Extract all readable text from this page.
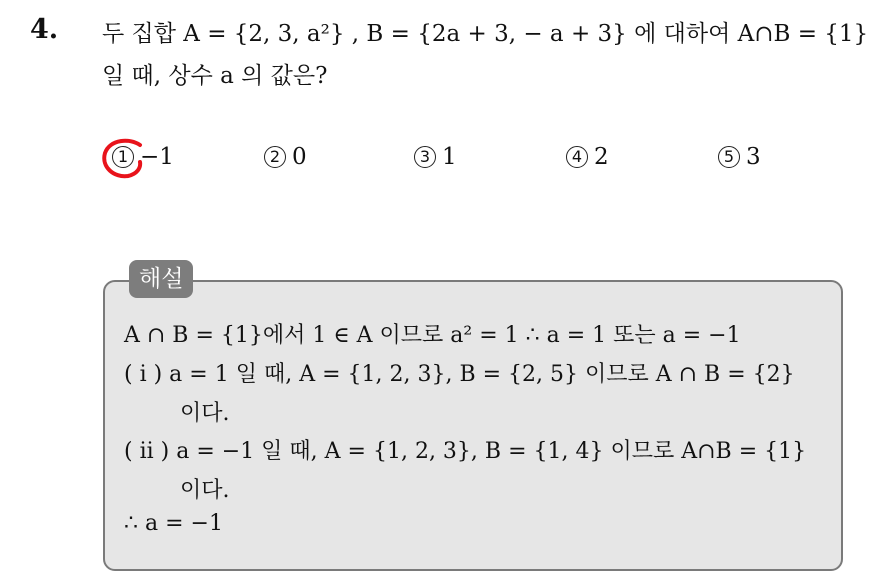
4. 두 집합 A = {2, 3, a²} , B = {2a + 3, − a + 3} 에 대하여 A∩B = {1}
일 때, 상수 a 의 값은?
1 −1	2 0	3 1	4 2	5 3
해설
A ∩ B = {1}에서 1 ∈ A 이므로 a² = 1 ∴ a = 1 또는 a = −1
( i ) a = 1 일 때, A = {1, 2, 3}, B = {2, 5} 이므로 A ∩ B = {2}
이다.
( ii ) a = −1 일 때, A = {1, 2, 3}, B = {1, 4} 이므로 A∩B = {1}
이다.
∴ a = −1
